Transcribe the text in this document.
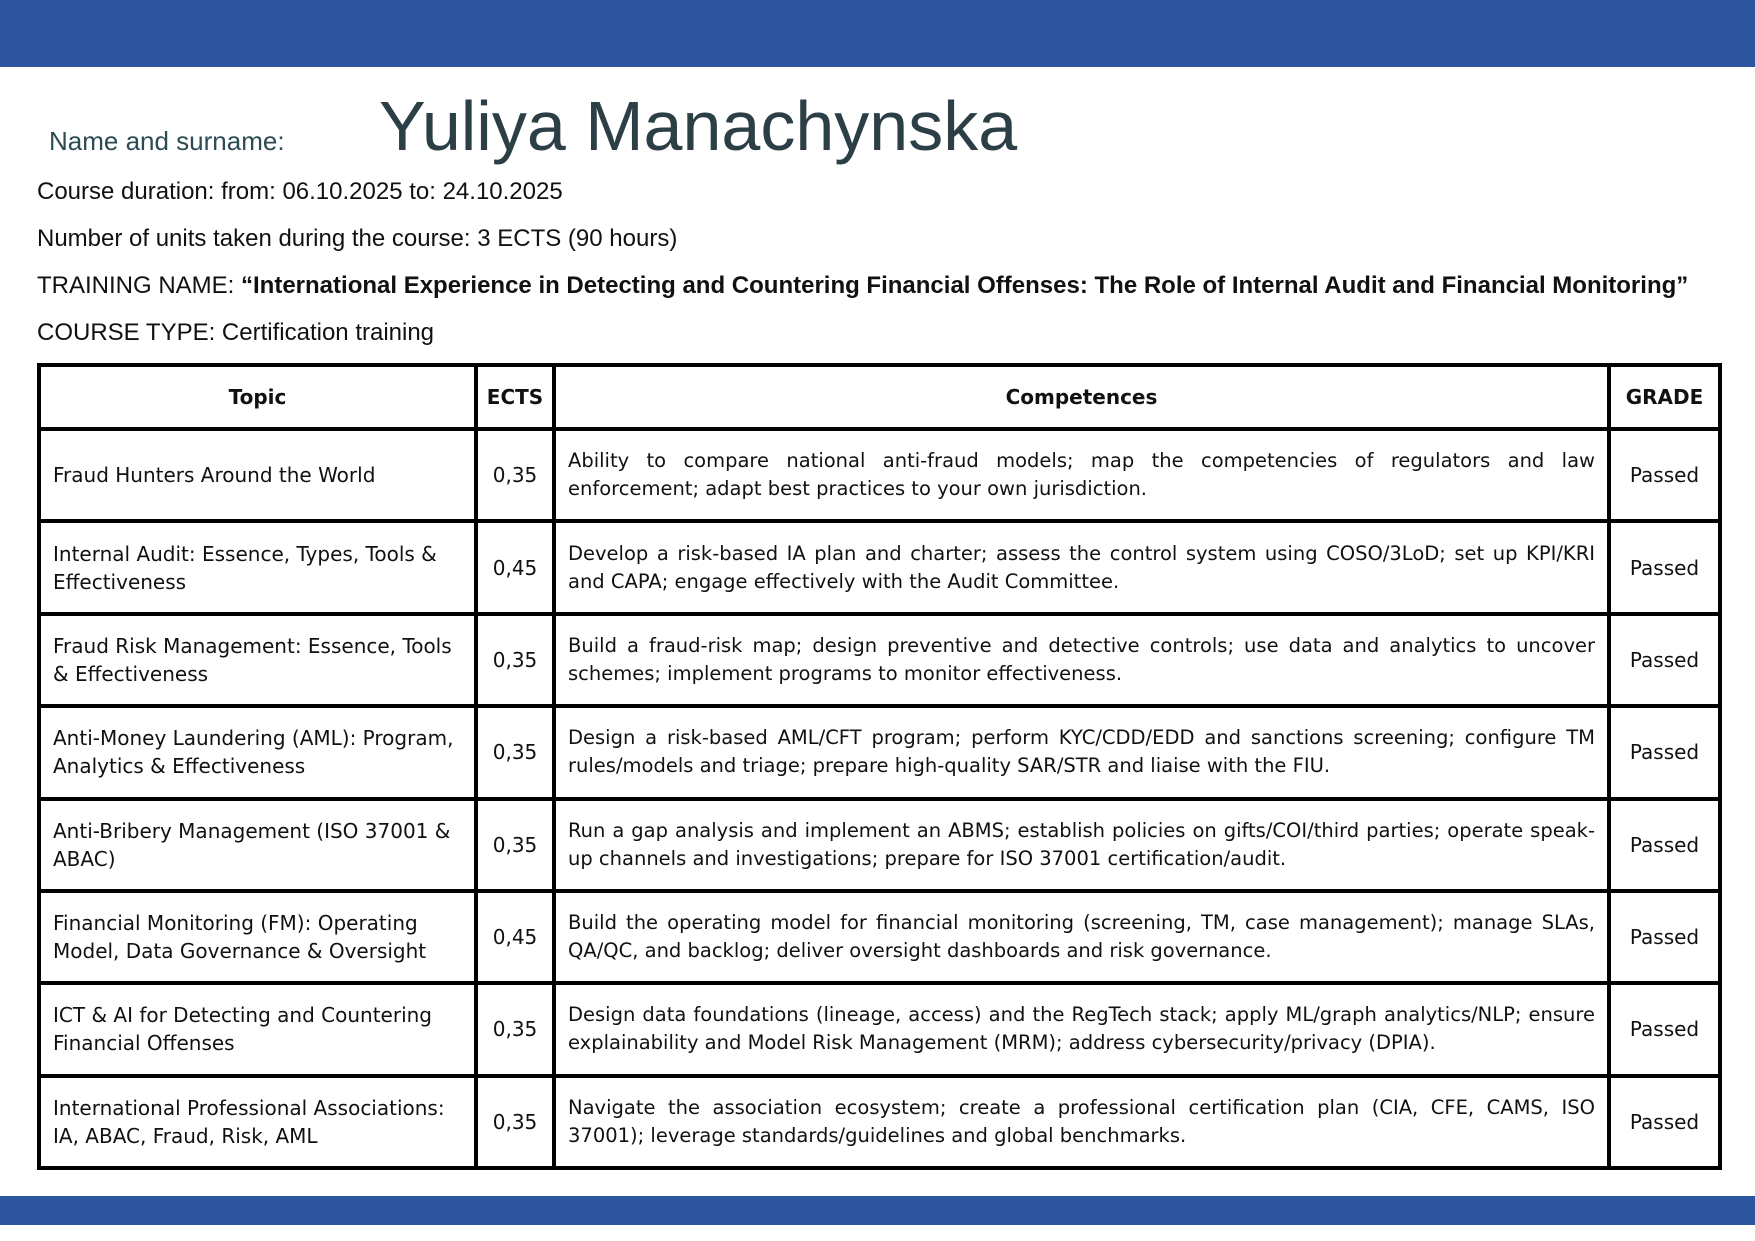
Name and surname: Yuliya Manachynska
Course duration: from: 06.10.2025 to: 24.10.2025
Number of units taken during the course: 3 ECTS (90 hours)
TRAINING NAME: “International Experience in Detecting and Countering Financial Offenses: The Role of Internal Audit and Financial Monitoring”
COURSE TYPE: Certification training
Topic	ECTS	Competences	GRADE
Fraud Hunters Around the World	0,35	Ability to compare national anti-fraud models; map the competencies of regulators and law enforcement; adapt best practices to your own jurisdiction.	Passed
Internal Audit: Essence, Types, Tools & Effectiveness	0,45	Develop a risk-based IA plan and charter; assess the control system using COSO/3LoD; set up KPI/KRI and CAPA; engage effectively with the Audit Committee.	Passed
Fraud Risk Management: Essence, Tools & Effectiveness	0,35	Build a fraud-risk map; design preventive and detective controls; use data and analytics to uncover schemes; implement programs to monitor effectiveness.	Passed
Anti-Money Laundering (AML): Program, Analytics & Effectiveness	0,35	Design a risk-based AML/CFT program; perform KYC/CDD/EDD and sanctions screening; configure TM rules/models and triage; prepare high-quality SAR/STR and liaise with the FIU.	Passed
Anti-Bribery Management (ISO 37001 & ABAC)	0,35	Run a gap analysis and implement an ABMS; establish policies on gifts/COI/third parties; operate speak-up channels and investigations; prepare for ISO 37001 certification/audit.	Passed
Financial Monitoring (FM): Operating Model, Data Governance & Oversight	0,45	Build the operating model for financial monitoring (screening, TM, case management); manage SLAs, QA/QC, and backlog; deliver oversight dashboards and risk governance.	Passed
ICT & AI for Detecting and Countering Financial Offenses	0,35	Design data foundations (lineage, access) and the RegTech stack; apply ML/graph analytics/NLP; ensure explainability and Model Risk Management (MRM); address cybersecurity/privacy (DPIA).	Passed
International Professional Associations: IA, ABAC, Fraud, Risk, AML	0,35	Navigate the association ecosystem; create a professional certification plan (CIA, CFE, CAMS, ISO 37001); leverage standards/guidelines and global benchmarks.	Passed
